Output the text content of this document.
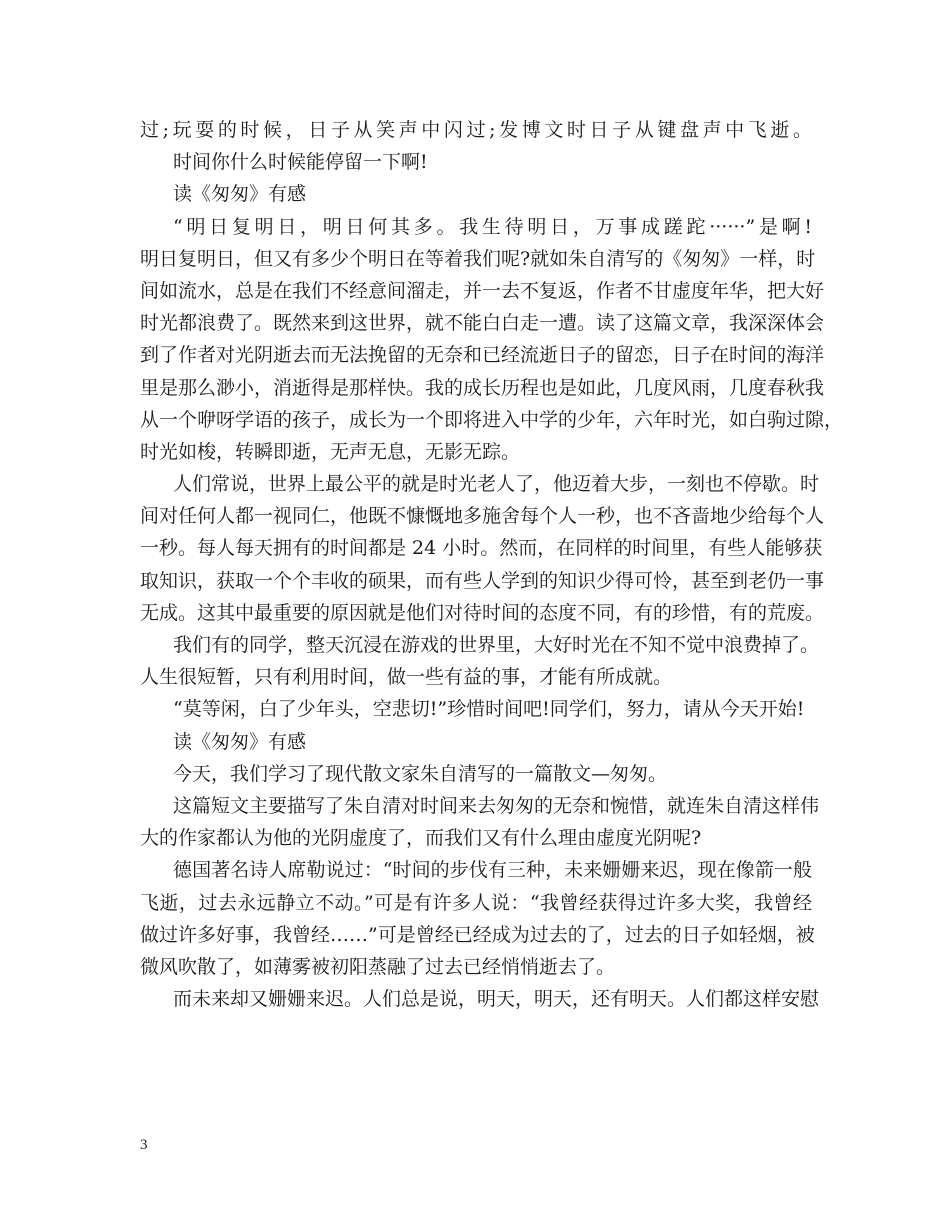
过;玩耍的时候，日子从笑声中闪过;发博文时日子从键盘声中飞逝。
时间你什么时候能停留一下啊!
读《匆匆》有感
“明日复明日，明日何其多。我生待明日，万事成蹉跎······”是啊!
明日复明日，但又有多少个明日在等着我们呢?就如朱自清写的《匆匆》一样，时
间如流水，总是在我们不经意间溜走，并一去不复返，作者不甘虚度年华，把大好
时光都浪费了。既然来到这世界，就不能白白走一遭。读了这篇文章，我深深体会
到了作者对光阴逝去而无法挽留的无奈和已经流逝日子的留恋，日子在时间的海洋
里是那么渺小，消逝得是那样快。我的成长历程也是如此，几度风雨，几度春秋我
从一个咿呀学语的孩子，成长为一个即将进入中学的少年，六年时光，如白驹过隙，
时光如梭，转瞬即逝，无声无息，无影无踪。
人们常说，世界上最公平的就是时光老人了，他迈着大步，一刻也不停歇。时
间对任何人都一视同仁，他既不慷慨地多施舍每个人一秒，也不吝啬地少给每个人
一秒。每人每天拥有的时间都是 24 小时。然而，在同样的时间里，有些人能够获
取知识，获取一个个丰收的硕果，而有些人学到的知识少得可怜，甚至到老仍一事
无成。这其中最重要的原因就是他们对待时间的态度不同，有的珍惜，有的荒废。
我们有的同学，整天沉浸在游戏的世界里，大好时光在不知不觉中浪费掉了。
人生很短暂，只有利用时间，做一些有益的事，才能有所成就。
“莫等闲，白了少年头，空悲切!”珍惜时间吧!同学们，努力，请从今天开始!
读《匆匆》有感
今天，我们学习了现代散文家朱自清写的一篇散文—匆匆。
这篇短文主要描写了朱自清对时间来去匆匆的无奈和惋惜，就连朱自清这样伟
大的作家都认为他的光阴虚度了，而我们又有什么理由虚度光阴呢?
德国著名诗人席勒说过：“时间的步伐有三种，未来姗姗来迟，现在像箭一般
飞逝，过去永远静立不动。”可是有许多人说：“我曾经获得过许多大奖，我曾经
做过许多好事，我曾经……”可是曾经已经成为过去的了，过去的日子如轻烟，被
微风吹散了，如薄雾被初阳蒸融了过去已经悄悄逝去了。
而未来却又姗姗来迟。人们总是说，明天，明天，还有明天。人们都这样安慰
3
